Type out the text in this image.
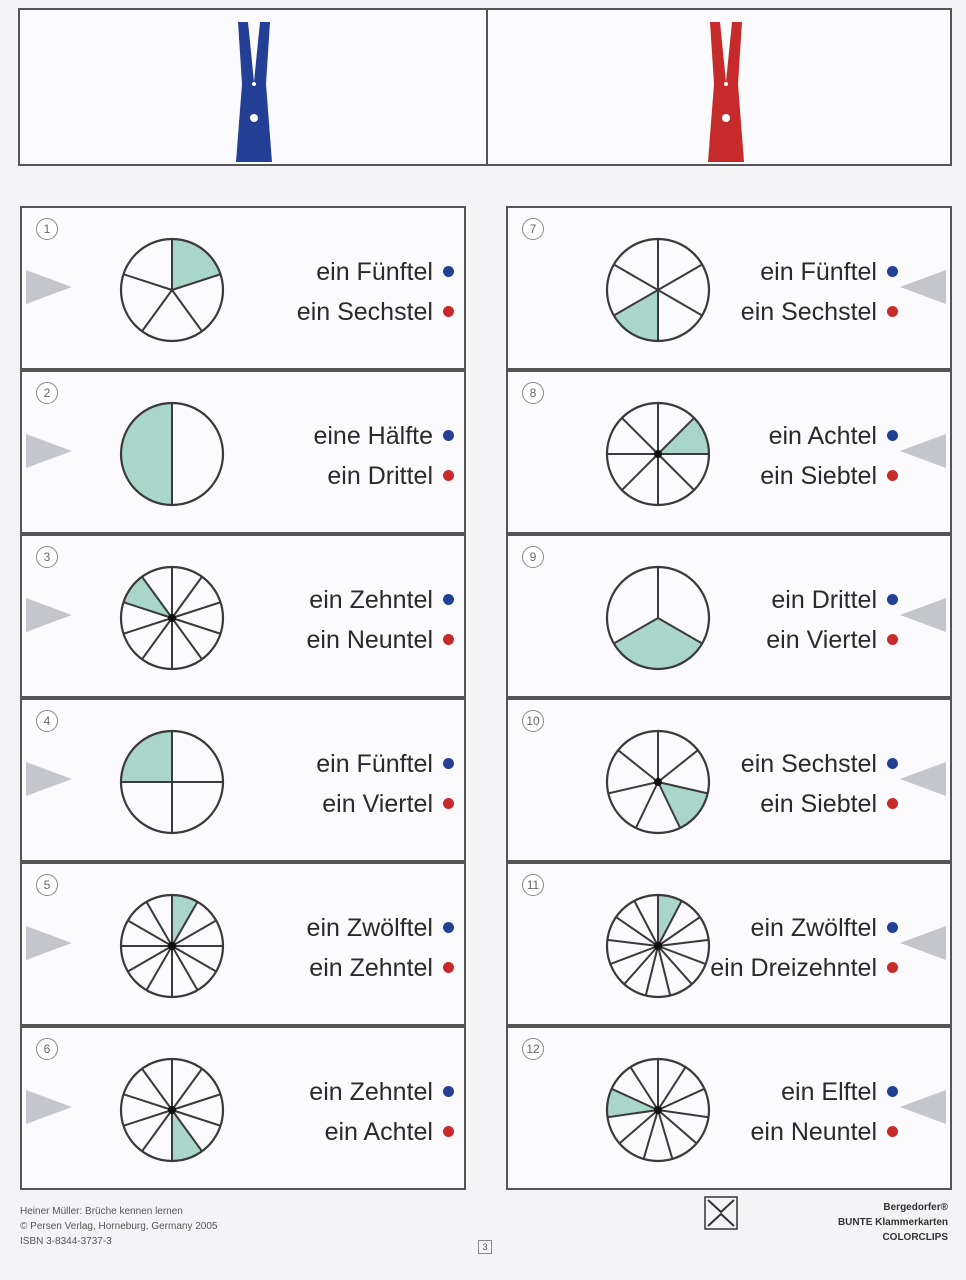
1
ein Fünftel
ein Sechstel
2
eine Hälfte
ein Drittel
3
ein Zehntel
ein Neuntel
4
ein Fünftel
ein Viertel
5
ein Zwölftel
ein Zehntel
6
ein Zehntel
ein Achtel
7
ein Fünftel
ein Sechstel
8
ein Achtel
ein Siebtel
9
ein Drittel
ein Viertel
10
ein Sechstel
ein Siebtel
11
ein Zwölftel
ein Dreizehntel
12
ein Elftel
ein Neuntel
Heiner Müller: Brüche kennen lernen
© Persen Verlag, Horneburg, Germany 2005
ISBN 3-8344-3737-3	3
Bergedorfer®
BUNTE Klammerkarten
COLORCLIPS
